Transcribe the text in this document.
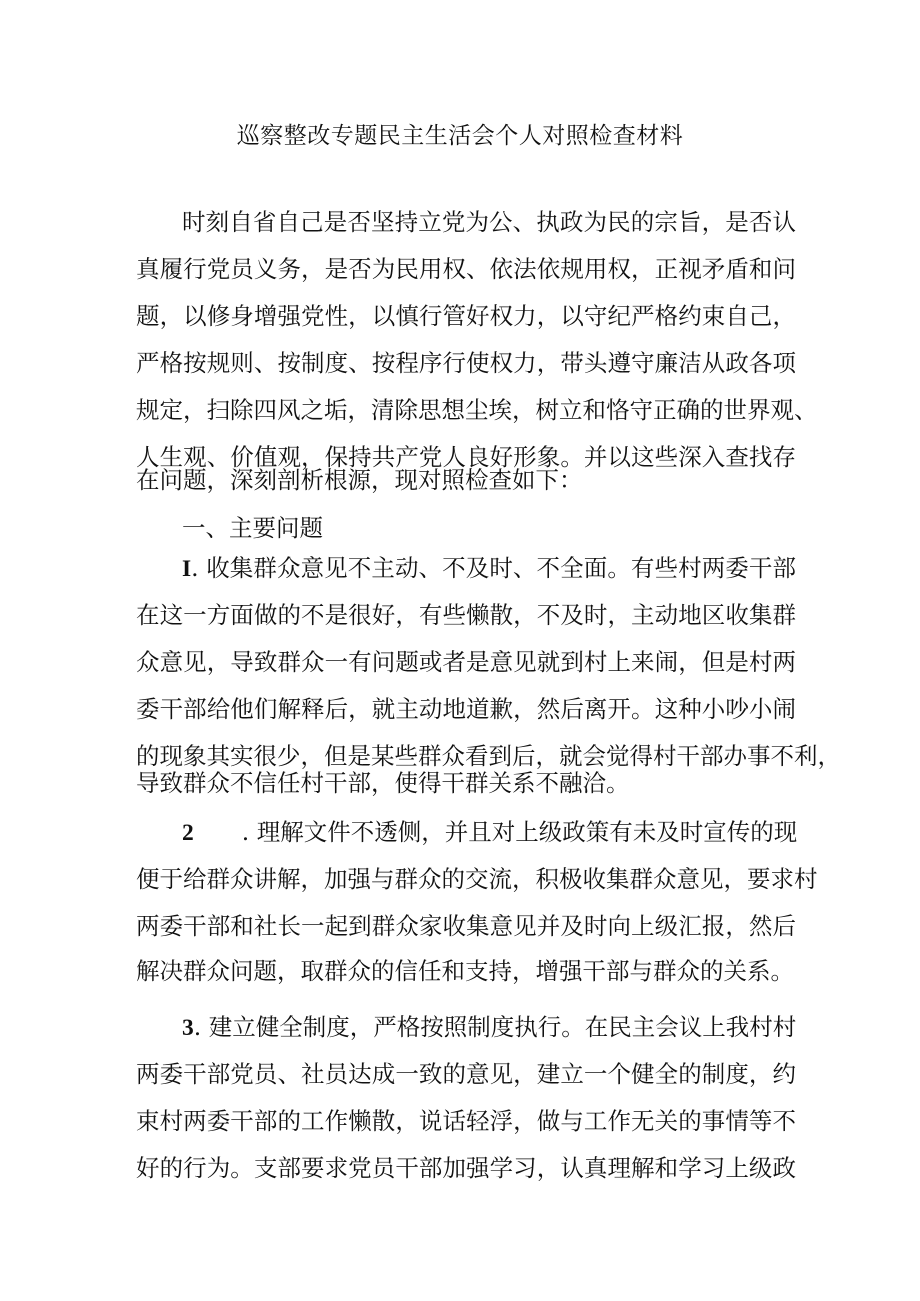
巡察整改专题民主生活会个人对照检查材料
时刻自省自己是否坚持立党为公、执政为民的宗旨，是否认
真履行党员义务，是否为民用权、依法依规用权，正视矛盾和问
题，以修身增强党性，以慎行管好权力，以守纪严格约束自己，
严格按规则、按制度、按程序行使权力，带头遵守廉洁从政各项
规定，扫除四风之垢，清除思想尘埃，树立和恪守正确的世界观、
人生观、价值观，保持共产党人良好形象。并以这些深入查找存
在问题，深刻剖析根源，现对照检查如下：
一、主要问题
I. 收集群众意见不主动、不及时、不全面。有些村两委干部
在这一方面做的不是很好，有些懒散，不及时，主动地区收集群
众意见，导致群众一有问题或者是意见就到村上来闹，但是村两
委干部给他们解释后，就主动地道歉，然后离开。这种小吵小闹
的现象其实很少，但是某些群众看到后，就会觉得村干部办事不利，
导致群众不信任村干部，使得干群关系不融洽。
2 . 理解文件不透侧，并且对上级政策有未及时宣传的现
便于给群众讲解，加强与群众的交流，积极收集群众意见，要求村
两委干部和社长一起到群众家收集意见并及时向上级汇报，然后
解决群众问题，取群众的信任和支持，增强干部与群众的关系。
3. 建立健全制度，严格按照制度执行。在民主会议上我村村
两委干部党员、社员达成一致的意见，建立一个健全的制度，约
束村两委干部的工作懒散，说话轻浮，做与工作无关的事情等不
好的行为。支部要求党员干部加强学习，认真理解和学习上级政
